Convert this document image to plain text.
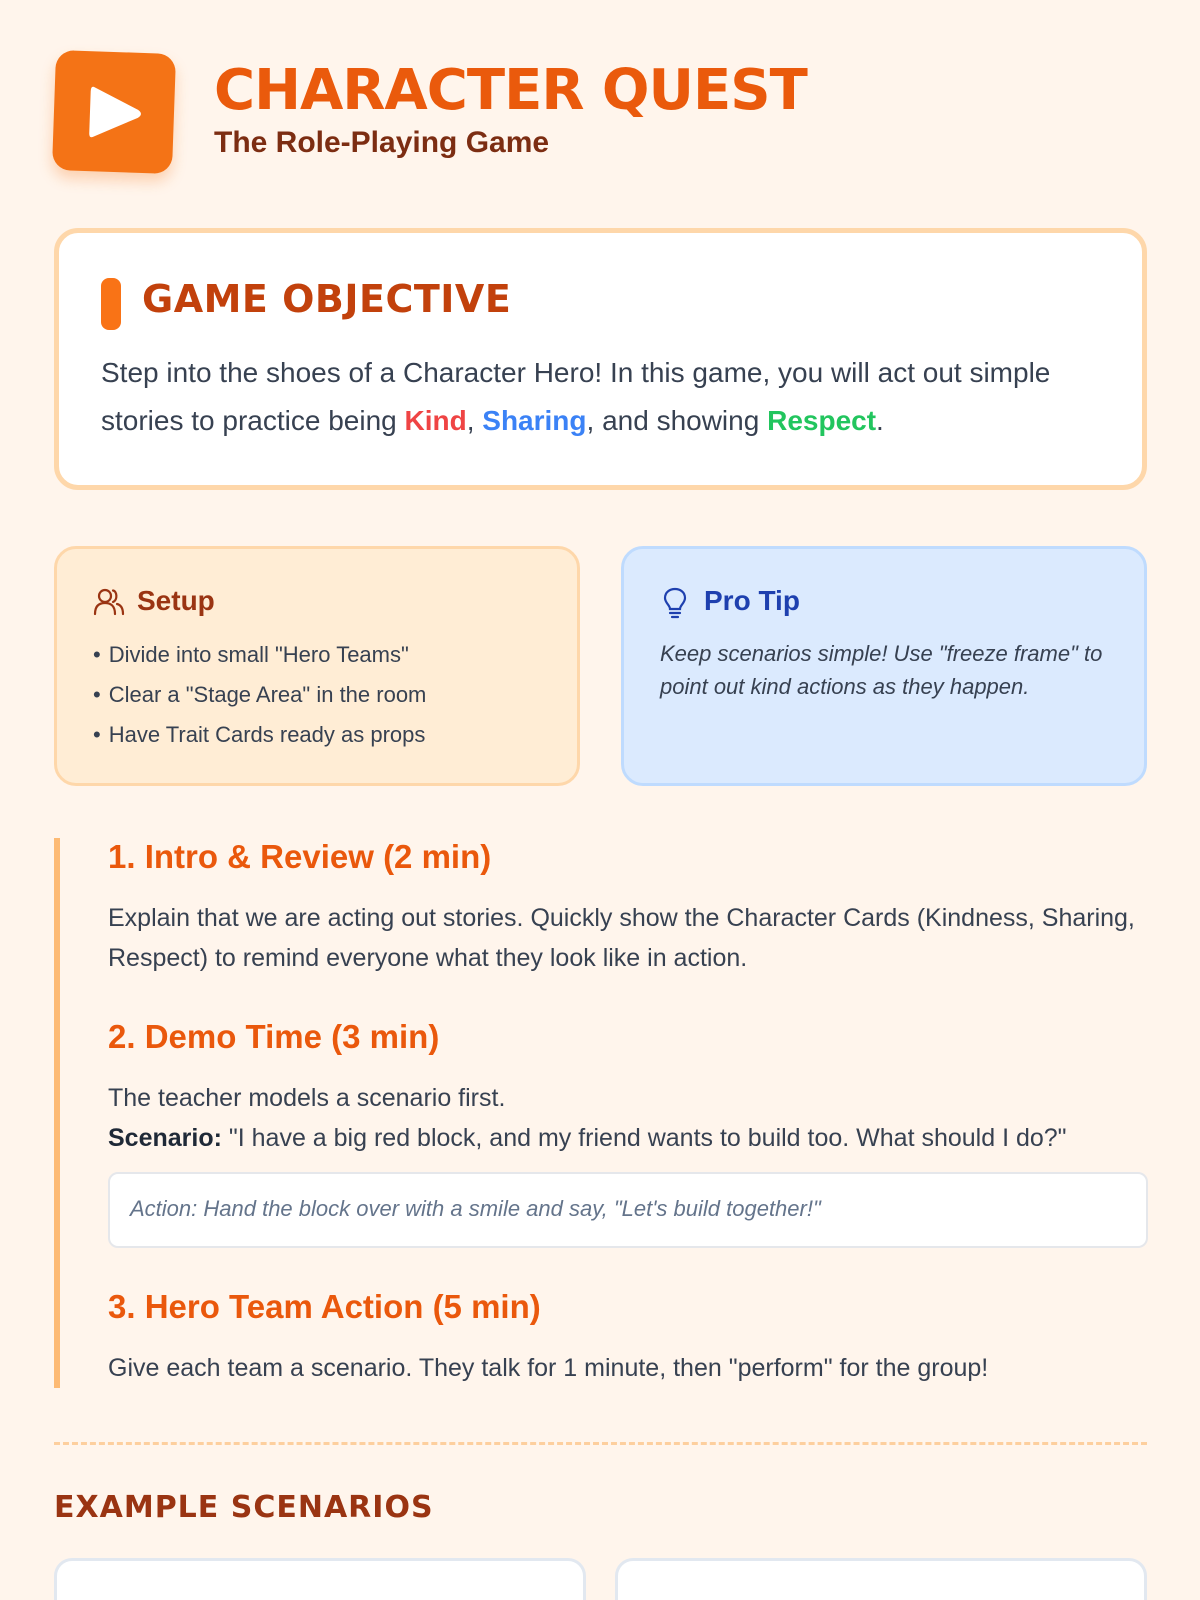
CHARACTER QUEST
The Role-Playing Game
GAME OBJECTIVE

Step into the shoes of a Character Hero! In this game, you will act out simple stories to practice being Kind, Sharing, and showing Respect.

Setup
• Divide into small "Hero Teams"
• Clear a "Stage Area" in the room
• Have Trait Cards ready as props
Pro Tip

Keep scenarios simple! Use "freeze frame" to point out kind actions as they happen.

1. Intro & Review (2 min)
Explain that we are acting out stories. Quickly show the Character Cards (Kindness, Sharing, Respect) to remind everyone what they look like in action.
2. Demo Time (3 min)
The teacher models a scenario first.
Scenario: "I have a big red block, and my friend wants to build too. What should I do?"
Action: Hand the block over with a smile and say, "Let's build together!"
3. Hero Team Action (5 min)
Give each team a scenario. They talk for 1 minute, then "perform" for the group!
EXAMPLE SCENARIOS
